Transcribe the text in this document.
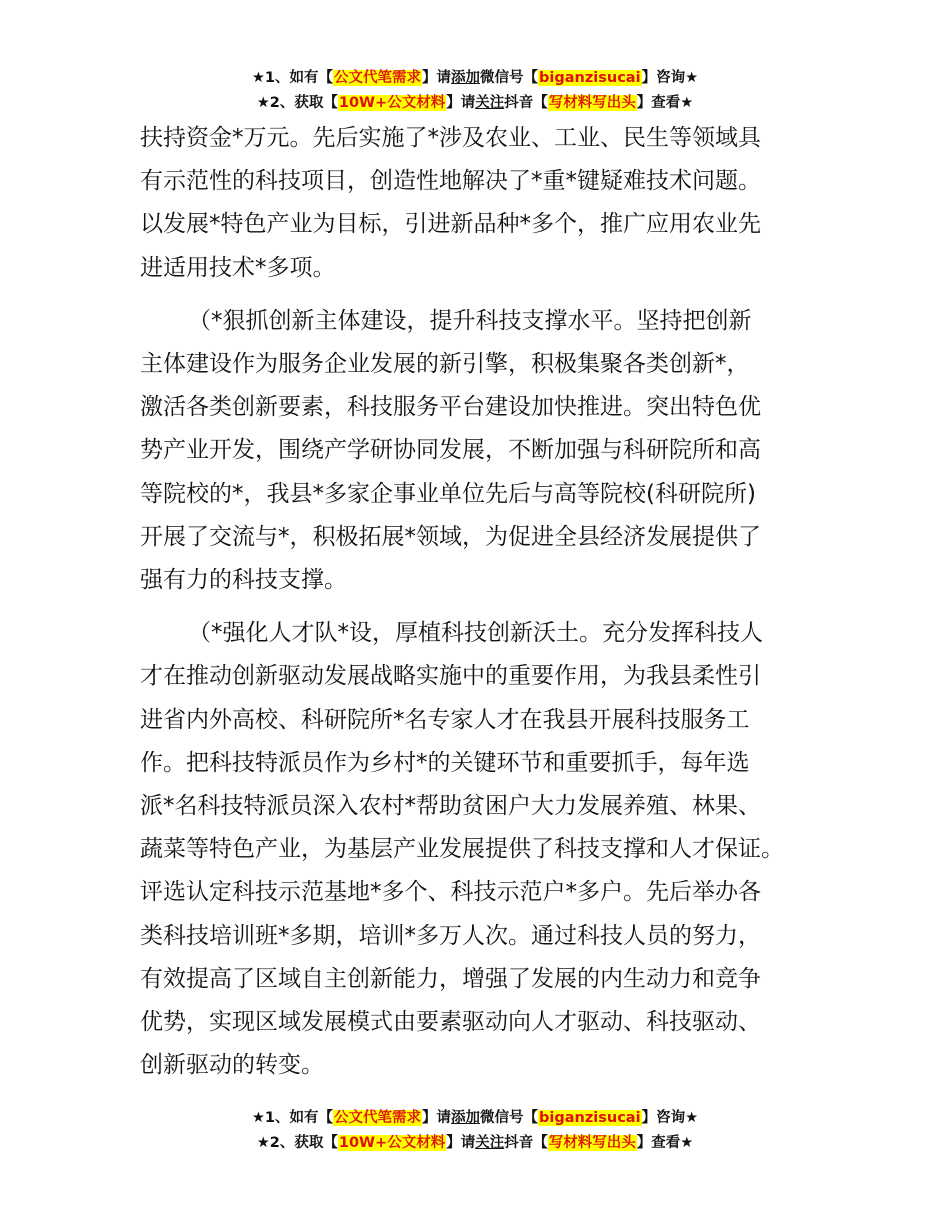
★1、如有【公文代笔需求】请添加微信号【biganzisucai】咨询★
★2、获取【10W+公文材料】请关注抖音【写材料写出头】查看★
扶持资金*万元。先后实施了*涉及农业、工业、民生等领域具
有示范性的科技项目，创造性地解决了*重*键疑难技术问题。
以发展*特色产业为目标，引进新品种*多个，推广应用农业先
进适用技术*多项。
（*狠抓创新主体建设，提升科技支撑水平。坚持把创新
主体建设作为服务企业发展的新引擎，积极集聚各类创新*，
激活各类创新要素，科技服务平台建设加快推进。突出特色优
势产业开发，围绕产学研协同发展，不断加强与科研院所和高
等院校的*，我县*多家企事业单位先后与高等院校(科研院所)
开展了交流与*，积极拓展*领域，为促进全县经济发展提供了
强有力的科技支撑。
（*强化人才队*设，厚植科技创新沃土。充分发挥科技人
才在推动创新驱动发展战略实施中的重要作用，为我县柔性引
进省内外高校、科研院所*名专家人才在我县开展科技服务工
作。把科技特派员作为乡村*的关键环节和重要抓手，每年选
派*名科技特派员深入农村*帮助贫困户大力发展养殖、林果、
蔬菜等特色产业，为基层产业发展提供了科技支撑和人才保证。
评选认定科技示范基地*多个、科技示范户*多户。先后举办各
类科技培训班*多期，培训*多万人次。通过科技人员的努力，
有效提高了区域自主创新能力，增强了发展的内生动力和竞争
优势，实现区域发展模式由要素驱动向人才驱动、科技驱动、
创新驱动的转变。
★1、如有【公文代笔需求】请添加微信号【biganzisucai】咨询★
★2、获取【10W+公文材料】请关注抖音【写材料写出头】查看★
